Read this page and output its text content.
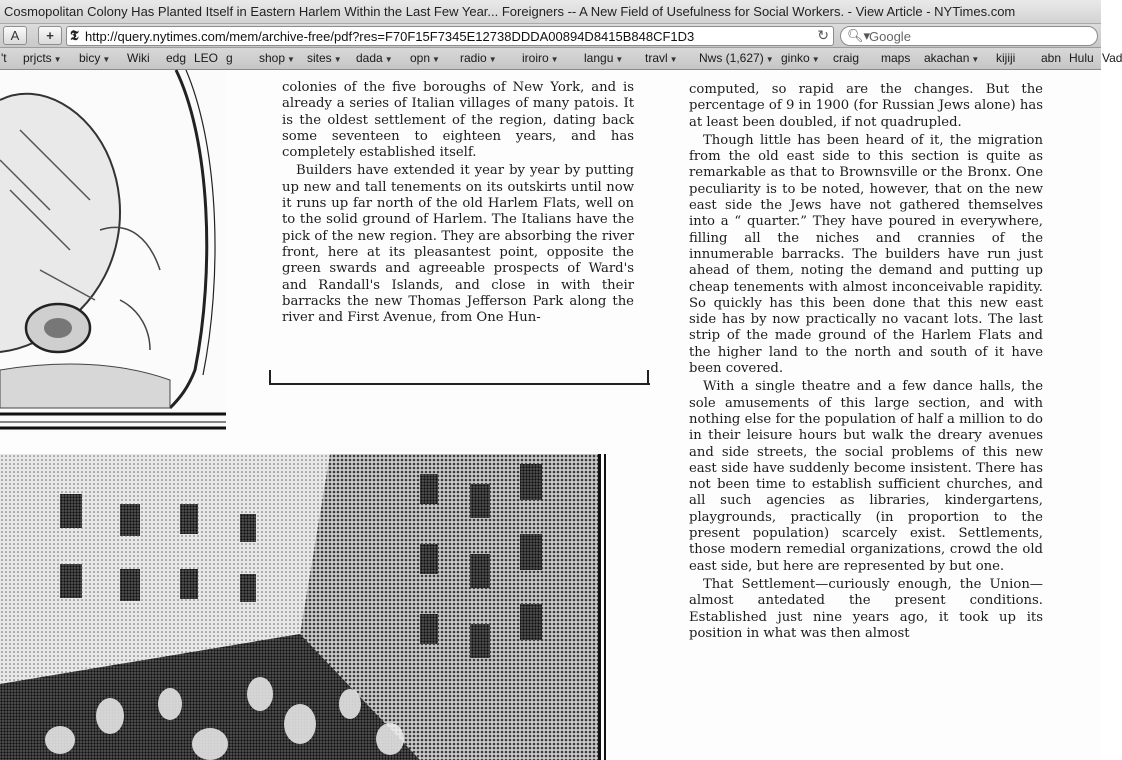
Cosmopolitan Colony Has Planted Itself in Eastern Harlem Within the Last Few Year... Foreigners -- A New Field of Usefulness for Social Workers. - View Article - NYTimes.com
A	+	𝕿 http://query.nytimes.com/mem/archive-free/pdf?res=F70F15F7345E12738DDDA00894D8415B848CF1D3	↻ 🔍︎▾
Google
't prjcts ▼ bicy ▼ Wiki edg LEO g shop ▼ sites ▼ dada ▼ opn ▼ radio ▼ iroiro ▼ langu ▼ travl ▼ Nws (1,627) ▼ ginko ▼ craig maps akachan ▼ kijiji abn Hulu Vad

colonies of the five boroughs of New York, and is already a series of Italian villages of many patois. It is the oldest settlement of the region, dating back some seventeen to eighteen years, and has completely established itself.

Builders have extended it year by year by putting up new and tall tenements on its outskirts until now it runs up far north of the old Harlem Flats, well on to the solid ground of Harlem. The Italians have the pick of the new region. They are absorbing the river front, here at its pleasantest point, opposite the green swards and agreeable prospects of Ward's and Randall's Islands, and close in with their barracks the new Thomas Jefferson Park along the river and First Avenue, from One Hun-

computed, so rapid are the changes. But the percentage of 9 in 1900 (for Russian Jews alone) has at least been doubled, if not quadrupled.

Though little has been heard of it, the migration from the old east side to this section is quite as remarkable as that to Brownsville or the Bronx. One peculiarity is to be noted, however, that on the new east side the Jews have not gathered themselves into a “ quarter.” They have poured in everywhere, filling all the niches and crannies of the innumerable barracks. The builders have run just ahead of them, noting the demand and putting up cheap tenements with almost inconceivable rapidity. So quickly has this been done that this new east side has by now practically no vacant lots. The last strip of the made ground of the Harlem Flats and the higher land to the north and south of it have been covered.

With a single theatre and a few dance halls, the sole amusements of this large section, and with nothing else for the population of half a million to do in their leisure hours but walk the dreary avenues and side streets, the social problems of this new east side have suddenly become insistent. There has not been time to establish sufficient churches, and all such agencies as libraries, kindergartens, playgrounds, practically (in proportion to the present population) scarcely exist. Settlements, those modern remedial organizations, crowd the old east side, but here are represented by but one.

That Settlement—curiously enough, the Union—almost antedated the present conditions. Established just nine years ago, it took up its position in what was then almost
